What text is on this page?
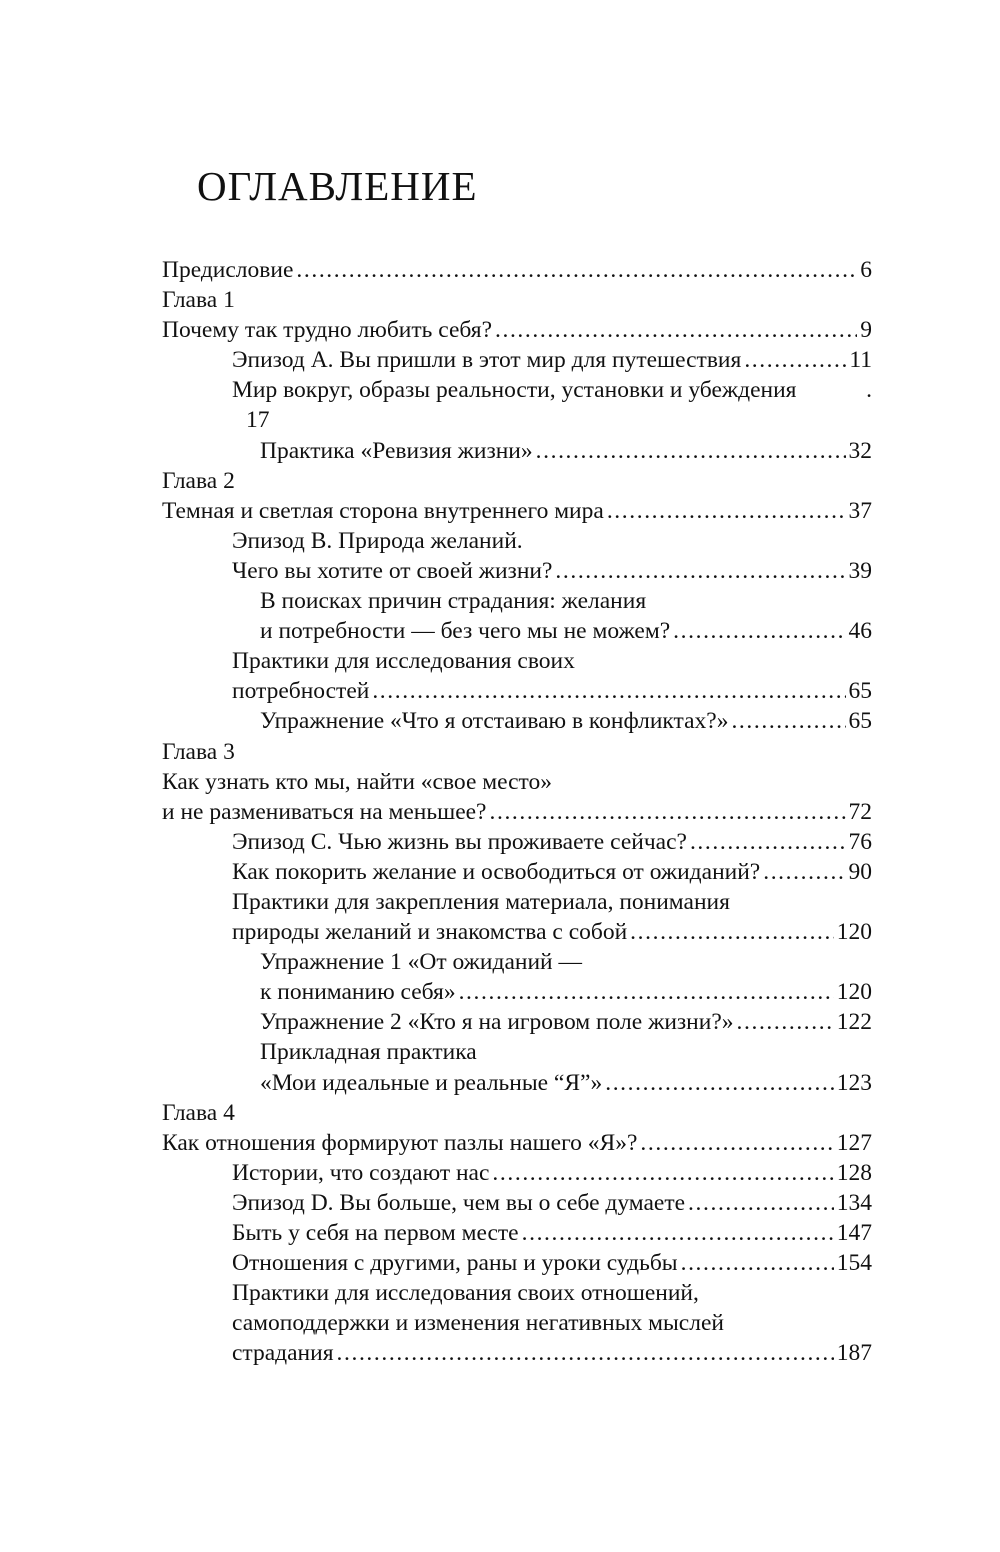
ОГЛАВЛЕНИЕ
Предисловие .....	6
Глава 1
Почему так трудно любить себя? .....	9
Эпизод А. Вы пришли в этот мир для путешествия .....	11
Мир вокруг, образы реальности, установки и убеждения	.
17
Практика «Ревизия жизни» .....	32
Глава 2
Темная и светлая сторона внутреннего мира .....	37
Эпизод B. Природа желаний.
Чего вы хотите от своей жизни? .....	39
В поисках причин страдания: желания
и потребности — без чего мы не можем? .....	46
Практики для исследования своих
потребностей .....	65
Упражнение «Что я отстаиваю в конфликтах?» .....	65
Глава 3
Как узнать кто мы, найти «свое место»
и не размениваться на меньшее? .....	72
Эпизод С. Чью жизнь вы проживаете сейчас? .....	76
Как покорить желание и освободиться от ожиданий? .....	90
Практики для закрепления материала, понимания
природы желаний и знакомства с собой .....	120
Упражнение 1 «От ожиданий —
к пониманию себя» .....	120
Упражнение 2 «Кто я на игровом поле жизни?» .....	122
Прикладная практика
«Мои идеальные и реальные “Я”» .....	123
Глава 4
Как отношения формируют пазлы нашего «Я»? .....	127
Истории, что создают нас .....	128
Эпизод D. Вы больше, чем вы о себе думаете .....	134
Быть у себя на первом месте .....	147
Отношения с другими, раны и уроки судьбы .....	154
Практики для исследования своих отношений,
самоподдержки и изменения негативных мыслей
страдания .....	187
